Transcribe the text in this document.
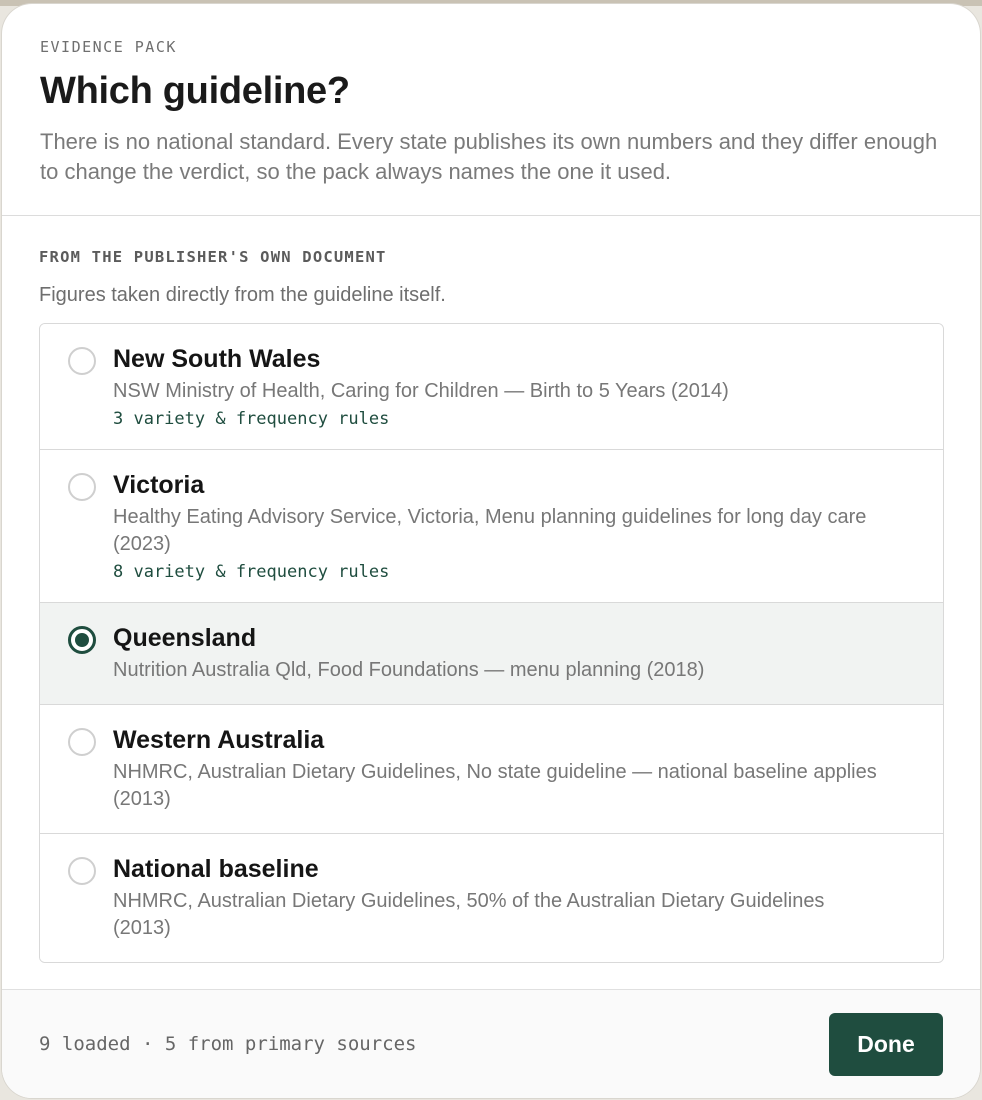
EVIDENCE PACK
Which guideline?

There is no national standard. Every state publishes its own numbers and they differ enough to change the verdict, so the pack always names the one it used.

FROM THE PUBLISHER'S OWN DOCUMENT
Figures taken directly from the guideline itself.
New South Wales
NSW Ministry of Health, Caring for Children — Birth to 5 Years (2014)
3 variety & frequency rules
Victoria
Healthy Eating Advisory Service, Victoria, Menu planning guidelines for long day care (2023)
8 variety & frequency rules
Queensland
Nutrition Australia Qld, Food Foundations — menu planning (2018)
Western Australia
NHMRC, Australian Dietary Guidelines, No state guideline — national baseline applies (2013)
National baseline
NHMRC, Australian Dietary Guidelines, 50% of the Australian Dietary Guidelines (2013)
9 loaded · 5 from primary sources	Done
